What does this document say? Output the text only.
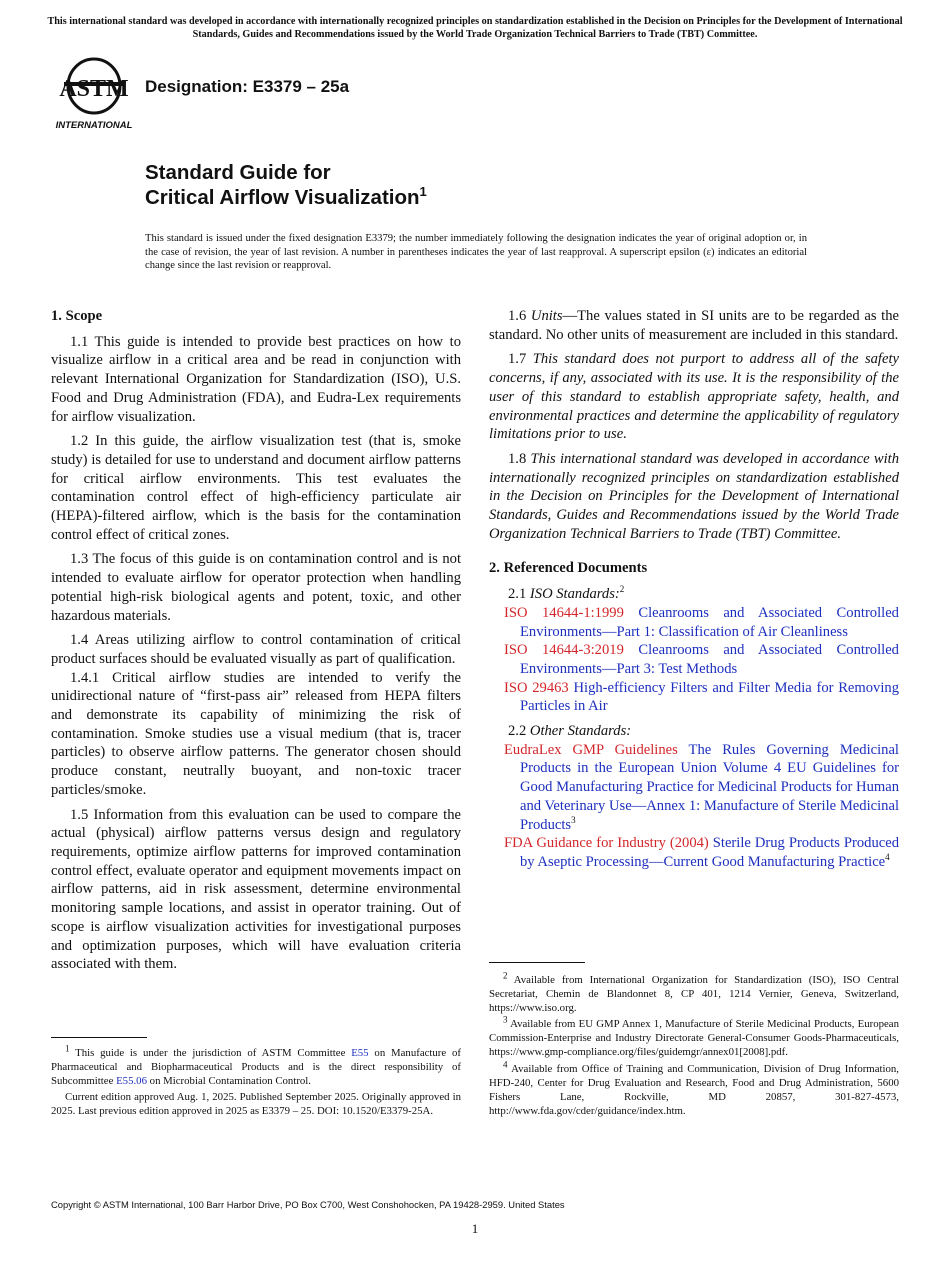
This international standard was developed in accordance with internationally recognized principles on standardization established in the Decision on Principles for the Development of International Standards, Guides and Recommendations issued by the World Trade Organization Technical Barriers to Trade (TBT) Committee.
ASTM
INTERNATIONAL
Designation: E3379 – 25a
Standard Guide for
Critical Airflow Visualization$^1$
This standard is issued under the fixed designation E3379; the number immediately following the designation indicates the year of original adoption or, in the case of revision, the year of last revision. A number in parentheses indicates the year of last reapproval. A superscript epsilon (ε) indicates an editorial change since the last revision or reapproval.
1. Scope

1.1 This guide is intended to provide best practices on how to visualize airflow in a critical area and be read in conjunction with relevant International Organization for Standardization (ISO), U.S. Food and Drug Administration (FDA), and Eudra-Lex requirements for airflow visualization.

1.2 In this guide, the airflow visualization test (that is, smoke study) is detailed for use to understand and document airflow patterns for critical airflow environments. This test evaluates the contamination control effect of high-efficiency particulate air (HEPA)-filtered airflow, which is the basis for the contamination control effect of critical zones.

1.3 The focus of this guide is on contamination control and is not intended to evaluate airflow for operator protection when handling potential high-risk biological agents and potent, toxic, and other hazardous materials.

1.4 Areas utilizing airflow to control contamination of critical product surfaces should be evaluated visually as part of qualification.

1.4.1 Critical airflow studies are intended to verify the unidirectional nature of “first-pass air” released from HEPA filters and demonstrate its capability of minimizing the risk of contamination. Smoke studies use a visual medium (that is, tracer particles) to observe airflow patterns. The generator chosen should produce constant, neutrally buoyant, and non-toxic tracer particles/smoke.

1.5 Information from this evaluation can be used to compare the actual (physical) airflow patterns versus design and regulatory requirements, optimize airflow patterns for improved contamination control effect, evaluate operator and equipment movements impact on airflow patterns, aid in risk assessment, determine environmental monitoring sample locations, and assist in operator training. Out of scope is airflow visualization activities for investigational purposes and optimization purposes, which will have evaluation criteria associated with them.

1.6 Units—The values stated in SI units are to be regarded as the standard. No other units of measurement are included in this standard.

1.7 This standard does not purport to address all of the safety concerns, if any, associated with its use. It is the responsibility of the user of this standard to establish appropriate safety, health, and environmental practices and determine the applicability of regulatory limitations prior to use.

1.8 This international standard was developed in accordance with internationally recognized principles on standardization established in the Decision on Principles for the Development of International Standards, Guides and Recommendations issued by the World Trade Organization Technical Barriers to Trade (TBT) Committee.

2. Referenced Documents

2.1 ISO Standards:$^2$

ISO 14644-1:1999 Cleanrooms and Associated Controlled Environments—Part 1: Classification of Air Cleanliness
ISO 14644-3:2019 Cleanrooms and Associated Controlled Environments—Part 3: Test Methods
ISO 29463 High-efficiency Filters and Filter Media for Removing Particles in Air

2.2 Other Standards:

EudraLex GMP Guidelines The Rules Governing Medicinal Products in the European Union Volume 4 EU Guidelines for Good Manufacturing Practice for Medicinal Products for Human and Veterinary Use—Annex 1: Manufacture of Sterile Medicinal Products$^3$
FDA Guidance for Industry (2004) Sterile Drug Products Produced by Aseptic Processing—Current Good Manufacturing Practice$^4$

$^1$ This guide is under the jurisdiction of ASTM Committee E55 on Manufacture of Pharmaceutical and Biopharmaceutical Products and is the direct responsibility of Subcommittee E55.06 on Microbial Contamination Control.

Current edition approved Aug. 1, 2025. Published September 2025. Originally approved in 2025. Last previous edition approved in 2025 as E3379 – 25. DOI: 10.1520/E3379-25A.

$^2$ Available from International Organization for Standardization (ISO), ISO Central Secretariat, Chemin de Blandonnet 8, CP 401, 1214 Vernier, Geneva, Switzerland, https://www.iso.org.

$^3$ Available from EU GMP Annex 1, Manufacture of Sterile Medicinal Products, European Commission-Enterprise and Industry Directorate General-Consumer Goods-Pharmaceuticals, https://www.gmp-compliance.org/files/guidemgr/annex01[2008].pdf.

$^4$ Available from Office of Training and Communication, Division of Drug Information, HFD-240, Center for Drug Evaluation and Research, Food and Drug Administration, 5600 Fishers Lane, Rockville, MD 20857, 301-827-4573, http://www.fda.gov/cder/guidance/index.htm.

Copyright © ASTM International, 100 Barr Harbor Drive, PO Box C700, West Conshohocken, PA 19428-2959. United States
1
